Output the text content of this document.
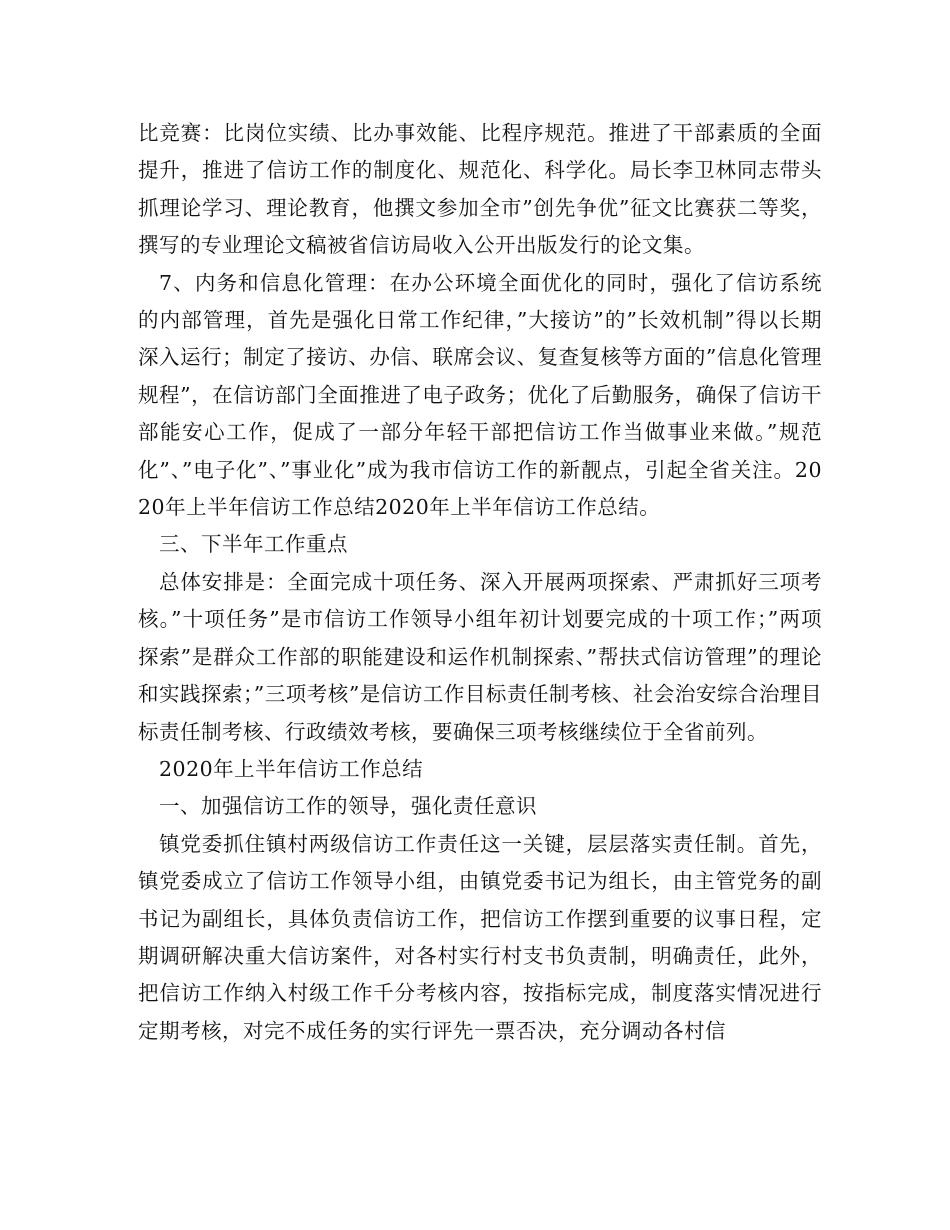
比竞赛：比岗位实绩、比办事效能、比程序规范。推进了干部素质的全面提升，推进了信访工作的制度化、规范化、科学化。局长李卫林同志带头抓理论学习、理论教育，他撰文参加全市”创先争优”征文比赛获二等奖，撰写的专业理论文稿被省信访局收入公开出版发行的论文集。

7、内务和信息化管理：在办公环境全面优化的同时，强化了信访系统的内部管理，首先是强化日常工作纪律，”大接访”的”长效机制”得以长期深入运行；制定了接访、办信、联席会议、复查复核等方面的”信息化管理规程”，在信访部门全面推进了电子政务；优化了后勤服务，确保了信访干部能安心工作，促成了一部分年轻干部把信访工作当做事业来做。”规范化”、”电子化”、”事业化”成为我市信访工作的新靓点，引起全省关注。2020年上半年信访工作总结2020年上半年信访工作总结。

三、下半年工作重点

总体安排是：全面完成十项任务、深入开展两项探索、严肃抓好三项考核。”十项任务”是市信访工作领导小组年初计划要完成的十项工作；”两项探索”是群众工作部的职能建设和运作机制探索、”帮扶式信访管理”的理论和实践探索；”三项考核”是信访工作目标责任制考核、社会治安综合治理目标责任制考核、行政绩效考核，要确保三项考核继续位于全省前列。

2020年上半年信访工作总结

一、加强信访工作的领导，强化责任意识

镇党委抓住镇村两级信访工作责任这一关键，层层落实责任制。首先，镇党委成立了信访工作领导小组，由镇党委书记为组长，由主管党务的副书记为副组长，具体负责信访工作，把信访工作摆到重要的议事日程，定期调研解决重大信访案件，对各村实行村支书负责制，明确责任，此外，把信访工作纳入村级工作千分考核内容，按指标完成，制度落实情况进行定期考核，对完不成任务的实行评先一票否决，充分调动各村信
